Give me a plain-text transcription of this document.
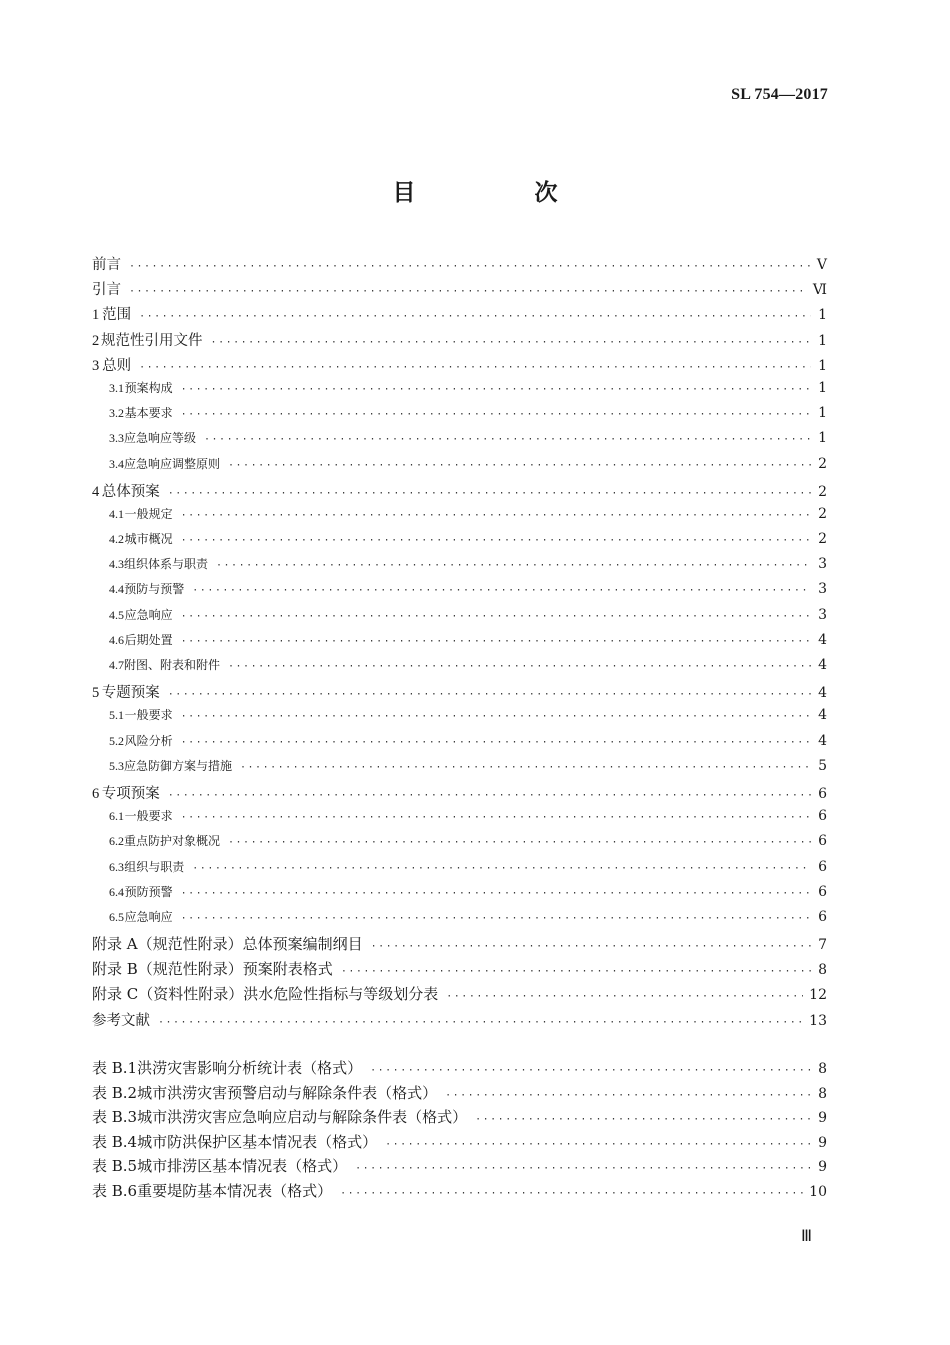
SL 754—2017
目　次
前言 ·····	Ⅴ
引言 ·····	Ⅵ
1 范围 ·····	1
2 规范性引用文件 ·····	1
3 总则 ·····	1
3.1 预案构成 ·····	1
3.2 基本要求 ·····	1
3.3 应急响应等级 ·····	1
3.4 应急响应调整原则 ·····	2
4 总体预案 ·····	2
4.1 一般规定 ·····	2
4.2 城市概况 ·····	2
4.3 组织体系与职责 ·····	3
4.4 预防与预警 ·····	3
4.5 应急响应 ·····	3
4.6 后期处置 ·····	4
4.7 附图、附表和附件 ·····	4
5 专题预案 ·····	4
5.1 一般要求 ·····	4
5.2 风险分析 ·····	4
5.3 应急防御方案与措施 ·····	5
6 专项预案 ·····	6
6.1 一般要求 ·····	6
6.2 重点防护对象概况 ·····	6
6.3 组织与职责 ·····	6
6.4 预防预警 ·····	6
6.5 应急响应 ·····	6
附录 A（规范性附录） 总体预案编制纲目 ·····	7
附录 B（规范性附录） 预案附表格式 ·····	8
附录 C（资料性附录） 洪水危险性指标与等级划分表 ·····	12
参考文献 ·····	13
表 B.1 洪涝灾害影响分析统计表（格式） ·····	8
表 B.2 城市洪涝灾害预警启动与解除条件表（格式） ·····	8
表 B.3 城市洪涝灾害应急响应启动与解除条件表（格式） ·····	9
表 B.4 城市防洪保护区基本情况表（格式） ·····	9
表 B.5 城市排涝区基本情况表（格式） ·····	9
表 B.6 重要堤防基本情况表（格式） ·····	10
Ⅲ
